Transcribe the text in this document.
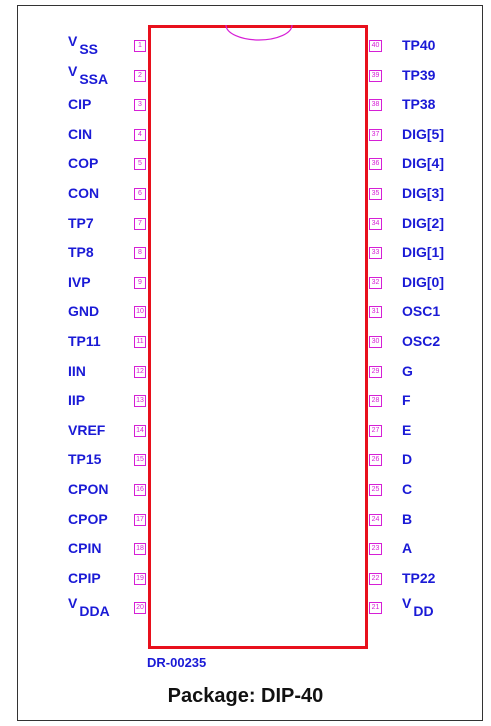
1
V SS
2
V SSA
3
CIP
4
CIN
5
COP
6
CON
7
TP7
8
TP8
9
IVP
10
GND
11
TP11
12
IIN
13
IIP
14
VREF
15
TP15
16
CPON
17
CPOP
18
CPIN
19
CPIP
20
V DDA
40 TP40
39 TP39
38 TP38
37 DIG[5]
36 DIG[4]
35 DIG[3]
34 DIG[2]
33 DIG[1]
32 DIG[0]
31 OSC1
30 OSC2
29 G
28 F
27 E
26 D
25 C
24 B
23 A
22 TP22
21 V DD
DR-00235
Package: DIP-40
